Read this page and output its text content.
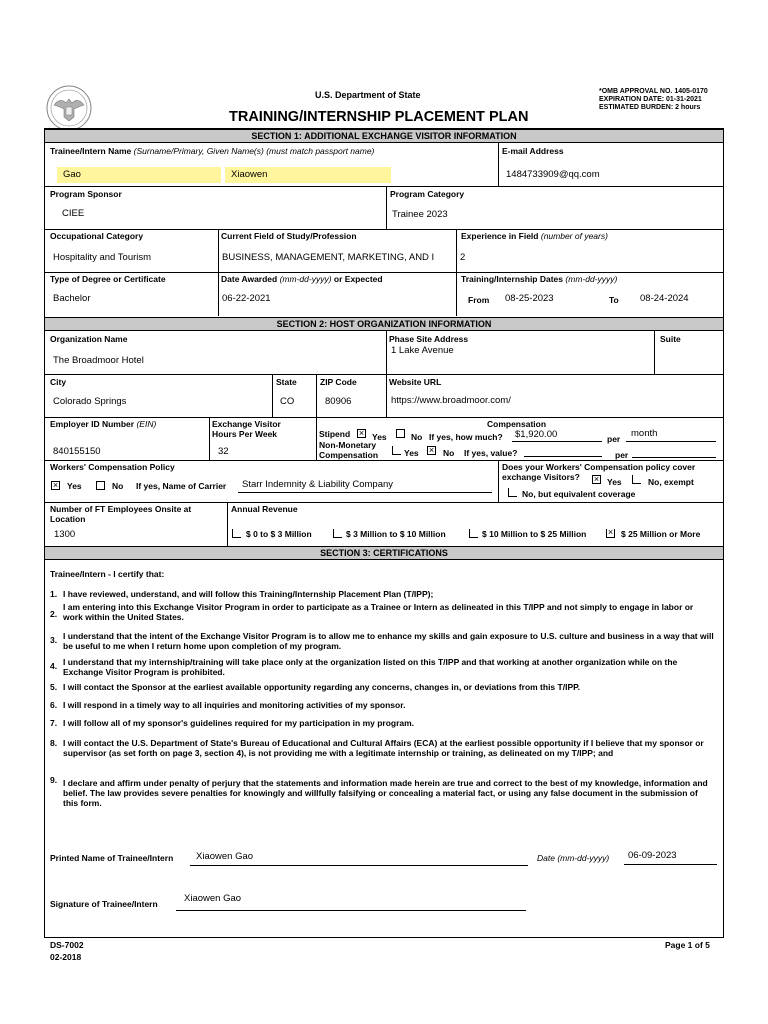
U.S. Department of State
TRAINING/INTERNSHIP PLACEMENT PLAN
*OMB APPROVAL NO. 1405-0170
EXPIRATION DATE: 01-31-2021
ESTIMATED BURDEN: 2 hours
SECTION 1: ADDITIONAL EXCHANGE VISITOR INFORMATION
Trainee/Intern Name (Surname/Primary, Given Name(s) (must match passport name)
Gao	Xiaowen
E-mail Address
1484733909@qq.com
Program Sponsor
CIEE
Program Category
Trainee 2023
Occupational Category
Hospitality and Tourism
Current Field of Study/Profession
BUSINESS, MANAGEMENT, MARKETING, AND I
Experience in Field (number of years)
2
Type of Degree or Certificate
Bachelor
Date Awarded (mm-dd-yyyy) or Expected
06-22-2021
Training/Internship Dates (mm-dd-yyyy)
From 08-25-2023	To 08-24-2024
SECTION 2: HOST ORGANIZATION INFORMATION
Organization Name
The Broadmoor Hotel
Phase Site Address
1 Lake Avenue
Suite
City
Colorado Springs
State
CO
ZIP Code
80906
Website URL
https://www.broadmoor.com/
Employer ID Number (EIN)
840155150
Exchange Visitor
Hours Per Week
32
Compensation
Stipend × Yes	No If yes, how much? $1,920.00	per month
Non-Monetary
Compensation	Yes × No If yes, value?	per
Workers' Compensation Policy
× Yes	No If yes, Name of Carrier Starr Indemnity & Liability Company
Does your Workers' Compensation policy cover
exchange Visitors? × Yes	No, exempt
No, but equivalent coverage
Number of FT Employees Onsite at
Location
1300
Annual Revenue
$ 0 to $ 3 Million	$ 3 Million to $ 10 Million	$ 10 Million to $ 25 Million × $ 25 Million or More
SECTION 3: CERTIFICATIONS
Trainee/Intern - I certify that:
1. I have reviewed, understand, and will follow this Training/Internship Placement Plan (T/IPP);
2.
I am entering into this Exchange Visitor Program in order to participate as a Trainee or Intern as delineated in this T/IPP and not simply to engage in labor or work within the United States.
3. I understand that the intent of the Exchange Visitor Program is to allow me to enhance my skills and gain exposure to U.S. culture and business in a way that will be useful to me when I return home upon completion of my program.
4. I understand that my internship/training will take place only at the organization listed on this T/IPP and that working at another organization while on the Exchange Visitor Program is prohibited.
5. I will contact the Sponsor at the earliest available opportunity regarding any concerns, changes in, or deviations from this T/IPP.
6. I will respond in a timely way to all inquiries and monitoring activities of my sponsor.
7. I will follow all of my sponsor's guidelines required for my participation in my program.
8. I will contact the U.S. Department of State's Bureau of Educational and Cultural Affairs (ECA) at the earliest possible opportunity if I believe that my sponsor or supervisor (as set forth on page 3, section 4), is not providing me with a legitimate internship or training, as delineated on my T/IPP; and
9. I declare and affirm under penalty of perjury that the statements and information made herein are true and correct to the best of my knowledge, information and belief. The law provides severe penalties for knowingly and willfully falsifying or concealing a material fact, or using any false document in the submission of this form.
Printed Name of Trainee/Intern Xiaowen Gao	Date (mm-dd-yyyy) 06-09-2023
Signature of Trainee/Intern	Xiaowen Gao
DS-7002
02-2018
Page 1 of 5
